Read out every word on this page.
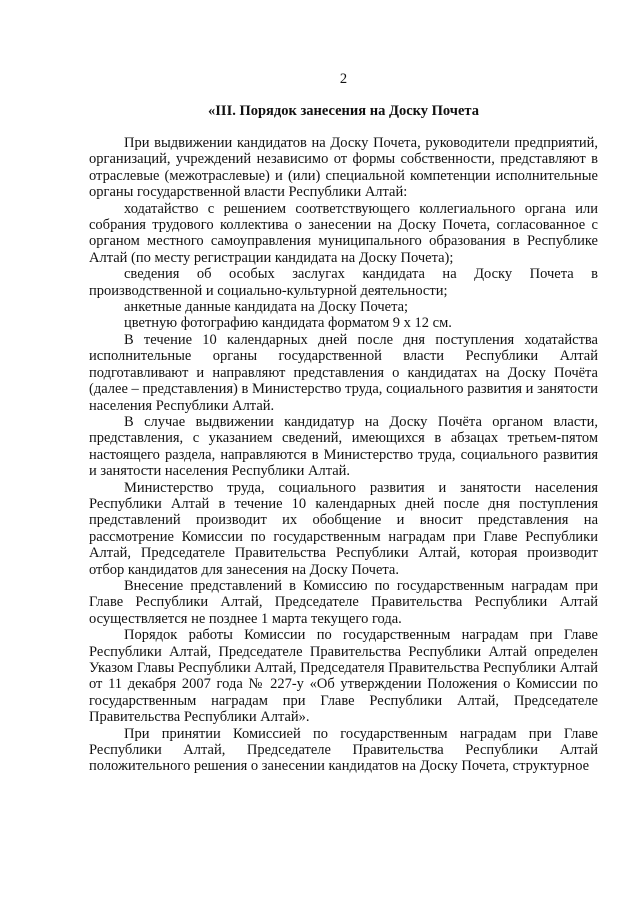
2
«III. Порядок занесения на Доску Почета

При выдвижении кандидатов на Доску Почета, руководители предприятий, организаций, учреждений независимо от формы собственности, представляют в отраслевые (межотраслевые) и (или) специальной компетенции исполнительные органы государственной власти Республики Алтай:

ходатайство с решением соответствующего коллегиального органа или собрания трудового коллектива о занесении на Доску Почета, согласованное с органом местного самоуправления муниципального образования в Республике Алтай (по месту регистрации кандидата на Доску Почета);

сведения об особых заслугах кандидата на Доску Почета в производственной и социально-культурной деятельности;

анкетные данные кандидата на Доску Почета;

цветную фотографию кандидата форматом 9 х 12 см.

В течение 10 календарных дней после дня поступления ходатайства исполнительные органы государственной власти Республики Алтай подготавливают и направляют представления о кандидатах на Доску Почёта (далее – представления) в Министерство труда, социального развития и занятости населения Республики Алтай.

В случае выдвижении кандидатур на Доску Почёта органом власти, представления, с указанием сведений, имеющихся в абзацах третьем-пятом настоящего раздела, направляются в Министерство труда, социального развития и занятости населения Республики Алтай.

Министерство труда, социального развития и занятости населения Республики Алтай в течение 10 календарных дней после дня поступления представлений производит их обобщение и вносит представления на рассмотрение Комиссии по государственным наградам при Главе Республики Алтай, Председателе Правительства Республики Алтай, которая производит отбор кандидатов для занесения на Доску Почета.

Внесение представлений в Комиссию по государственным наградам при Главе Республики Алтай, Председателе Правительства Республики Алтай осуществляется не позднее 1 марта текущего года.

Порядок работы Комиссии по государственным наградам при Главе Республики Алтай, Председателе Правительства Республики Алтай определен Указом Главы Республики Алтай, Председателя Правительства Республики Алтай от 11 декабря 2007 года № 227-у «Об утверждении Положения о Комиссии по государственным наградам при Главе Республики Алтай, Председателе Правительства Республики Алтай».

При принятии Комиссией по государственным наградам при Главе Республики Алтай, Председателе Правительства Республики Алтай положительного решения о занесении кандидатов на Доску Почета, структурное
